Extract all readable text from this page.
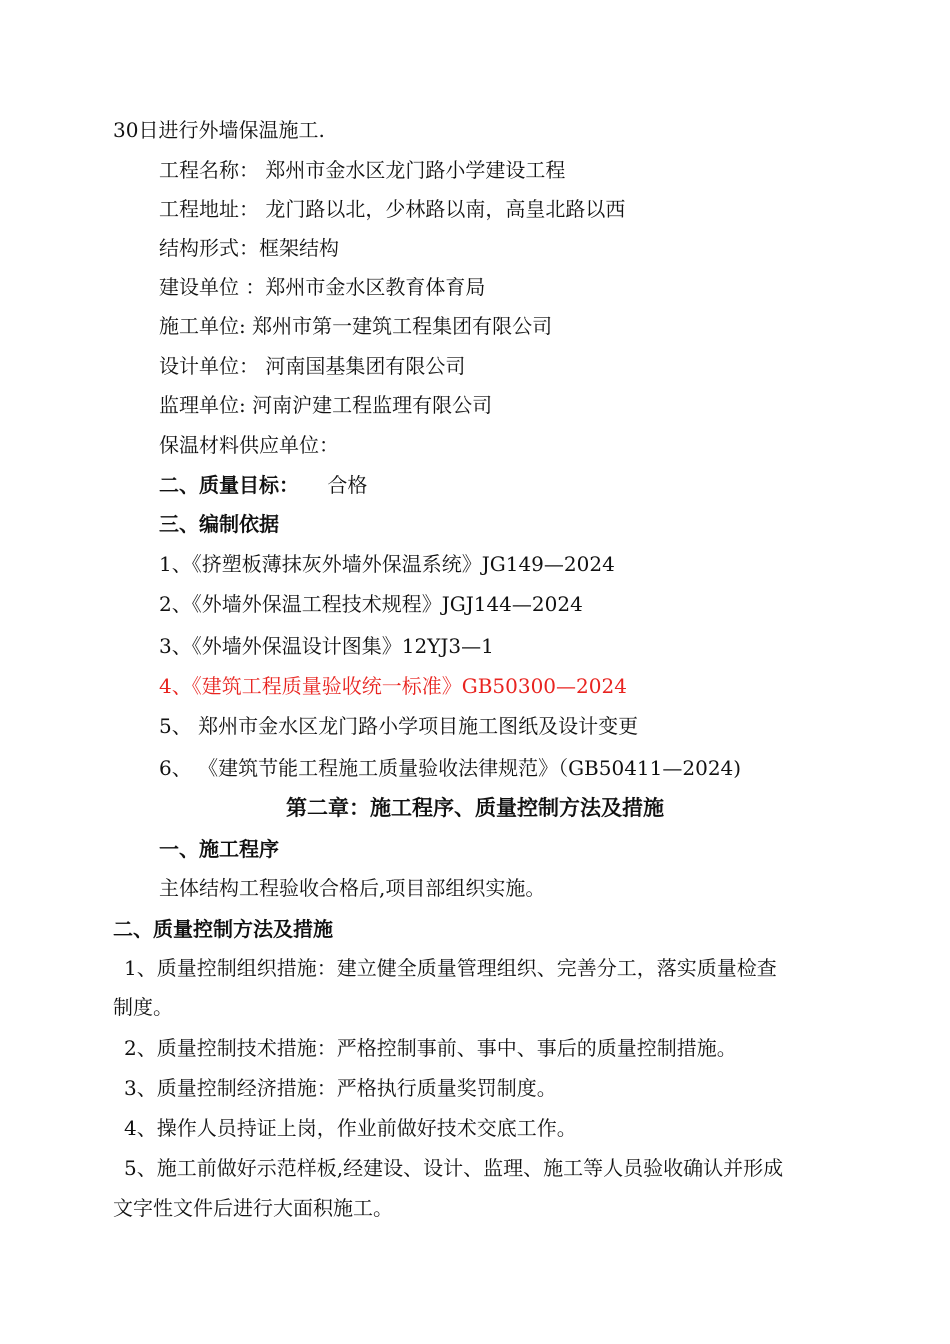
30日进行外墙保温施工.
工程名称： 郑州市金水区龙门路小学建设工程
工程地址： 龙门路以北，少林路以南，高皇北路以西
结构形式：框架结构
建设单位 ：郑州市金水区教育体育局
施工单位: 郑州市第一建筑工程集团有限公司
设计单位： 河南国基集团有限公司
监理单位: 河南沪建工程监理有限公司
保温材料供应单位：
二、质量目标： 合格
三、编制依据
1、《挤塑板薄抹灰外墙外保温系统》JG149—2024
2、《外墙外保温工程技术规程》JGJ144—2024
3、《外墙外保温设计图集》12YJ3—1
4、《建筑工程质量验收统一标准》GB50300—2024
5、 郑州市金水区龙门路小学项目施工图纸及设计变更
6、 《建筑节能工程施工质量验收法律规范》（GB50411—2024)
第二章：施工程序、质量控制方法及措施
一、施工程序
主体结构工程验收合格后,项目部组织实施。
二、质量控制方法及措施
1、质量控制组织措施：建立健全质量管理组织、完善分工，落实质量检查
制度。
2、质量控制技术措施：严格控制事前、事中、事后的质量控制措施。
3、质量控制经济措施：严格执行质量奖罚制度。
4、操作人员持证上岗，作业前做好技术交底工作。
5、施工前做好示范样板,经建设、设计、监理、施工等人员验收确认并形成
文字性文件后进行大面积施工。
